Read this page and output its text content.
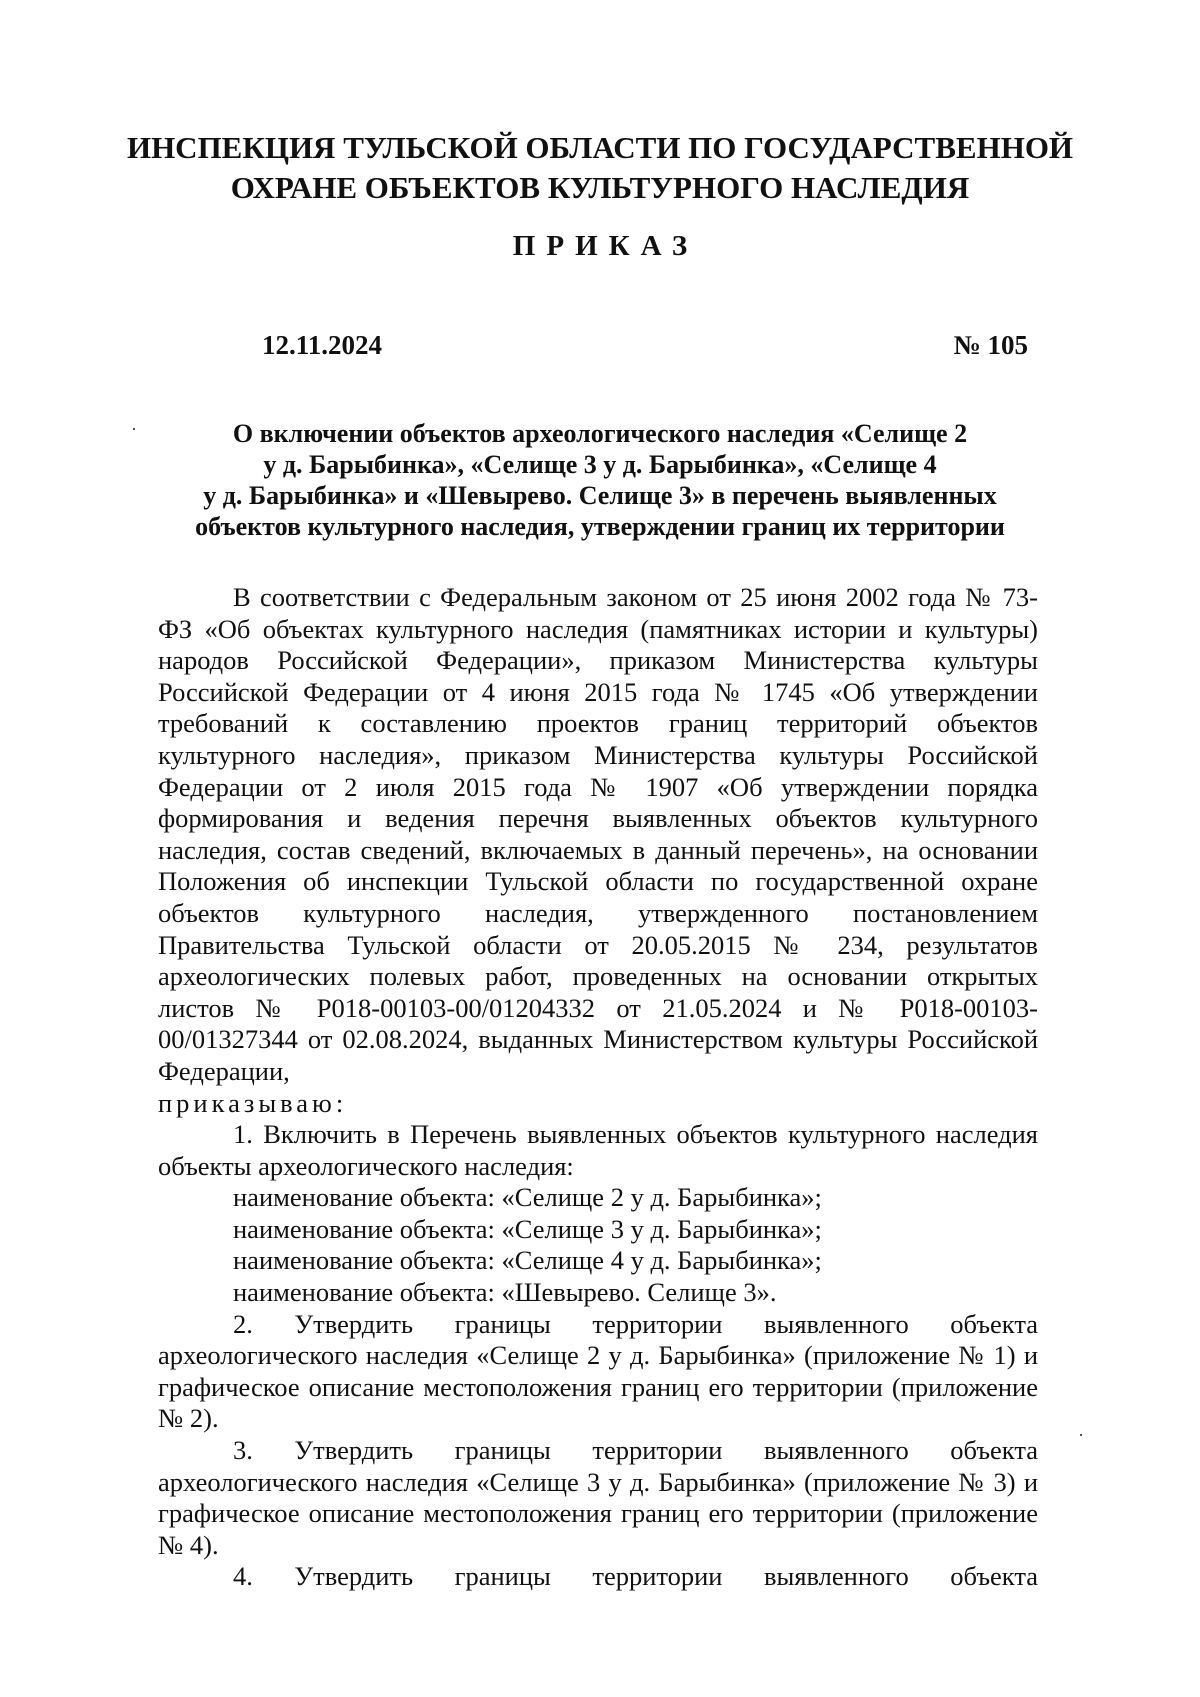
ИНСПЕКЦИЯ ТУЛЬСКОЙ ОБЛАСТИ ПО ГОСУДАРСТВЕННОЙ
ОХРАНЕ ОБЪЕКТОВ КУЛЬТУРНОГО НАСЛЕДИЯ
ПРИКАЗ
12.11.2024	№ 105
О включении объектов археологического наследия «Селище 2
у д. Барыбинка», «Селище 3 у д. Барыбинка», «Селище 4
у д. Барыбинка» и «Шевырево. Селище 3» в перечень выявленных
объектов культурного наследия, утверждении границ их территории

В соответствии с Федеральным законом от 25 июня 2002 года № 73-ФЗ «Об объектах культурного наследия (памятниках истории и культуры) народов Российской Федерации», приказом Министерства культуры Российской Федерации от 4 июня 2015 года № 1745 «Об утверждении требований к составлению проектов границ территорий объектов культурного наследия», приказом Министерства культуры Российской Федерации от 2 июля 2015 года № 1907 «Об утверждении порядка формирования и ведения перечня выявленных объектов культурного наследия, состав сведений, включаемых в данный перечень», на основании Положения об инспекции Тульской области по государственной охране объектов культурного наследия, утвержденного постановлением Правительства Тульской области от 20.05.2015 № 234, результатов археологических полевых работ, проведенных на основании открытых листов № Р018-00103-00/01204332 от 21.05.2024 и № Р018-00103-00/01327344 от 02.08.2024, выданных Министерством культуры Российской Федерации,

приказываю:

1. Включить в Перечень выявленных объектов культурного наследия объекты археологического наследия:

наименование объекта: «Селище 2 у д. Барыбинка»;

наименование объекта: «Селище 3 у д. Барыбинка»;

наименование объекта: «Селище 4 у д. Барыбинка»;

наименование объекта: «Шевырево. Селище 3».

2. Утвердить границы территории выявленного объекта археологического наследия «Селище 2 у д. Барыбинка» (приложение № 1) и графическое описание местоположения границ его территории (приложение № 2).

3. Утвердить границы территории выявленного объекта археологического наследия «Селище 3 у д. Барыбинка» (приложение № 3) и графическое описание местоположения границ его территории (приложение № 4).

4. Утвердить границы территории выявленного объекта
